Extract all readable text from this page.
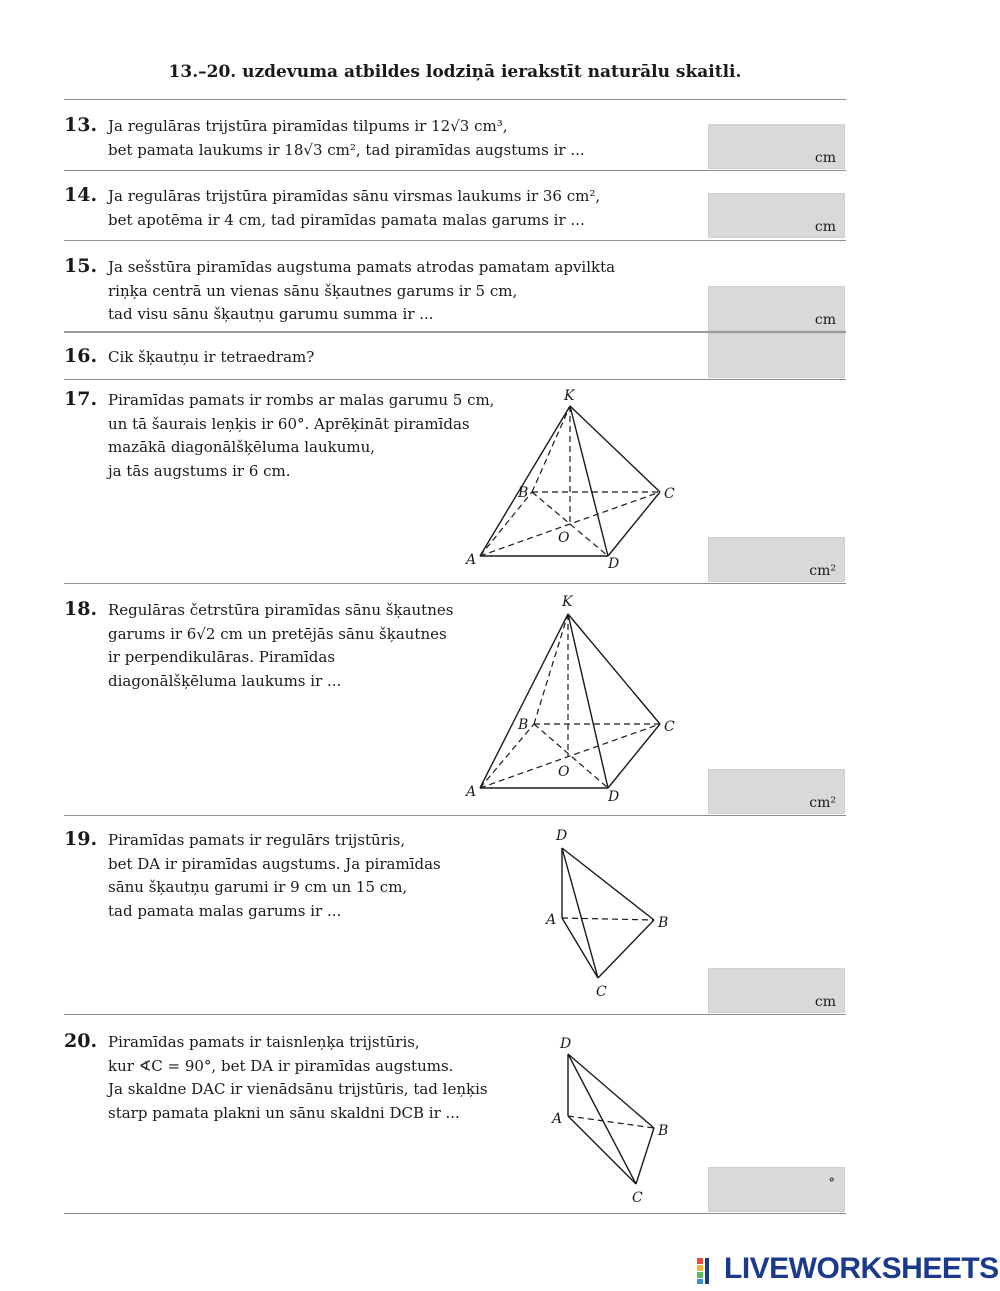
13.–20. uzdevuma atbildes lodziņā ierakstīt naturālu skaitli.
13. Ja regulāras trijstūra piramīdas tilpums ir 12√3 cm³,
bet pamata laukums ir 18√3 cm², tad piramīdas augstums ir ...	cm
14. Ja regulāras trijstūra piramīdas sānu virsmas laukums ir 36 cm²,
bet apotēma ir 4 cm, tad piramīdas pamata malas garums ir ...	cm
15. Ja sešstūra piramīdas augstuma pamats atrodas pamatam apvilkta
riņķa centrā un vienas sānu šķautnes garums ir 5 cm,
tad visu sānu šķautņu garumu summa ir ...	cm
16. Cik šķautņu ir tetraedram?
17. Piramīdas pamats ir rombs ar malas garumu 5 cm,
un tā šaurais leņķis ir 60°. Aprēķināt piramīdas
mazākā diagonālšķēluma laukumu,
ja tās augstums ir 6 cm.
K
B	C
O
A	D	cm²
18. Regulāras četrstūra piramīdas sānu šķautnes
garums ir 6√2 cm un pretējās sānu šķautnes
ir perpendikulāras. Piramīdas
diagonālšķēluma laukums ir ...
K
B	C
O
A	D	cm²
19. Piramīdas pamats ir regulārs trijstūris,
bet DA ir piramīdas augstums. Ja piramīdas
sānu šķautņu garumi ir 9 cm un 15 cm,
tad pamata malas garums ir ...
D
A	B
C
cm
20. Piramīdas pamats ir taisnleņķa trijstūris,
kur ∢C = 90°, bet DA ir piramīdas augstums.
Ja skaldne DAC ir vienādsānu trijstūris, tad leņķis
starp pamata plakni un sānu skaldni DCB ir ...
D
A
B
C
°
LIVEWORKSHEETS
